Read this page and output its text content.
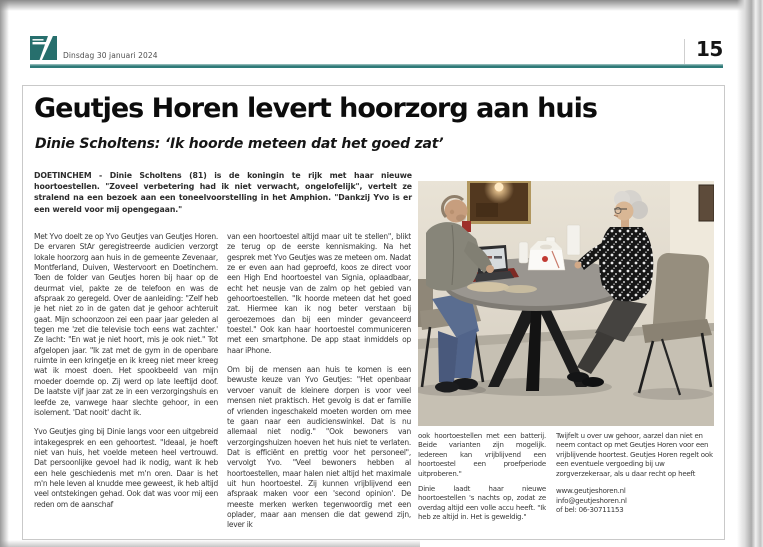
Dinsdag 30 januari 2024	15
Geutjes Horen levert hoorzorg aan huis
Dinie Scholtens: ‘Ik hoorde meteen dat het goed zat’
DOETINCHEM - Dinie Scholtens (81) is de koningin te rijk met haar nieuwe hoortoestellen. "Zoveel verbetering had ik niet verwacht, ongelofelijk", vertelt ze stralend na een bezoek aan een toneelvoorstelling in het Amphion. "Dankzij Yvo is er een wereld voor mij opengegaan."

Met Yvo doelt ze op Yvo Geutjes van Geutjes Horen. De ervaren StAr geregistreerde audicien verzorgt lokale hoorzorg aan huis in de gemeente Zevenaar, Montferland, Duiven, Westervoort en Doetinchem. Toen de folder van Geutjes horen bij haar op de deurmat viel, pakte ze de telefoon en was de afspraak zo geregeld. Over de aanleiding: "Zelf heb je het niet zo in de gaten dat je gehoor achteruit gaat. Mijn schoonzoon zei een paar jaar geleden al tegen me 'zet die televisie toch eens wat zachter.' Ze lacht: "En wat je niet hoort, mis je ook niet." Tot afgelopen jaar. "Ik zat met de gym in de openbare ruimte in een kringetje en ik kreeg niet meer kreeg wat ik moest doen. Het spookbeeld van mijn moeder doemde op. Zij werd op late leeftijd doof. De laatste vijf jaar zat ze in een verzorgingshuis en leefde ze, vanwege haar slechte gehoor, in een isolement. 'Dat nooit' dacht ik.

Yvo Geutjes ging bij Dinie langs voor een uitgebreid intakegesprek en een gehoortest. "Ideaal, je hoeft niet van huis, het voelde meteen heel vertrouwd. Dat persoonlijke gevoel had ik nodig, want ik heb een hele geschiedenis met m'n oren. Daar is het m'n hele leven al knudde mee geweest, ik heb altijd veel ontstekingen gehad. Ook dat was voor mij een reden om de aanschaf

van een hoortoestel altijd maar uit te stellen", blikt ze terug op de eerste kennismaking. Na het gesprek met Yvo Geutjes was ze meteen om. Nadat ze er even aan had geproefd, koos ze direct voor een High End hoortoestel van Signia, oplaadbaar, echt het neusje van de zalm op het gebied van gehoortoestellen. "Ik hoorde meteen dat het goed zat. Hiermee kan ik nog beter verstaan bij geroezemoes dan bij een minder gevanceerd toestel." Ook kan haar hoortoestel communiceren met een smartphone. De app staat inmiddels op haar iPhone.

Om bij de mensen aan huis te komen is een bewuste keuze van Yvo Geutjes: "Het openbaar vervoer vanuit de kleinere dorpen is voor veel mensen niet praktisch. Het gevolg is dat er familie of vrienden ingeschakeld moeten worden om mee te gaan naar een audicienswinkel. Dat is nu allemaal niet nodig." "Ook bewoners van verzorgingshuizen hoeven het huis niet te verlaten. Dat is efficiënt en prettig voor het personeel", vervolgt Yvo. "Veel bewoners hebben al hoortoestellen, maar halen niet altijd het maximale uit hun hoortoestel. Zij kunnen vrijblijvend een afspraak maken voor een 'second opinion'. De meeste merken werken tegenwoordig met een oplader, maar aan mensen die dat gewend zijn, lever ik

ook hoortoestellen met een batterij. Beide varianten zijn mogelijk. Iedereen kan vrijblijvend een hoortoestel een proefperiode uitproberen."

Dinie laadt haar nieuwe hoortoestellen 's nachts op, zodat ze overdag altijd een volle accu heeft. "Ik heb ze altijd in. Het is geweldig."

Twijfelt u over uw gehoor, aarzel dan niet en neem contact op met Geutjes Horen voor een vrijblijvende hoortest. Geutjes Horen regelt ook een eventuele vergoeding bij uw zorgverzekeraar, als u daar recht op heeft

www.geutjeshoren.nl
info@geutjeshoren.nl
of bel: 06-30711153
